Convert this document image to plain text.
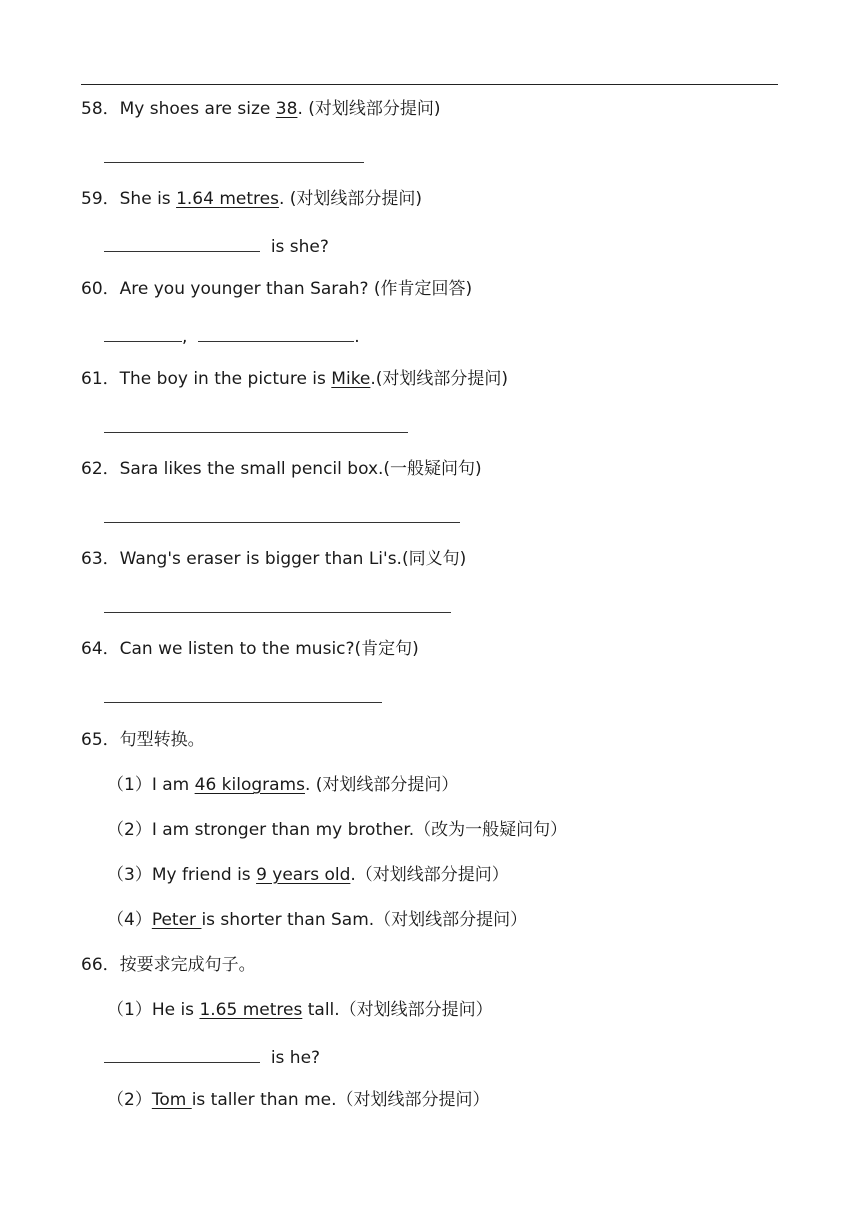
58．My shoes are size 38. (对划线部分提问)
59．She is 1.64 metres. (对划线部分提问)
is she?
60．Are you younger than Sarah? (作肯定回答)
,	.
61．The boy in the picture is Mike.(对划线部分提问)
62．Sara likes the small pencil box.(一般疑问句)
63．Wang's eraser is bigger than Li's.(同义句)
64．Can we listen to the music?(肯定句)
65．句型转换。
（1）I am 46 kilograms. (对划线部分提问）
（2）I am stronger than my brother.（改为一般疑问句）
（3）My friend is 9 years old.（对划线部分提问）
（4）Peter is shorter than Sam.（对划线部分提问）
66．按要求完成句子。
（1）He is 1.65 metres tall.（对划线部分提问）
is he?
（2）Tom is taller than me.（对划线部分提问）
